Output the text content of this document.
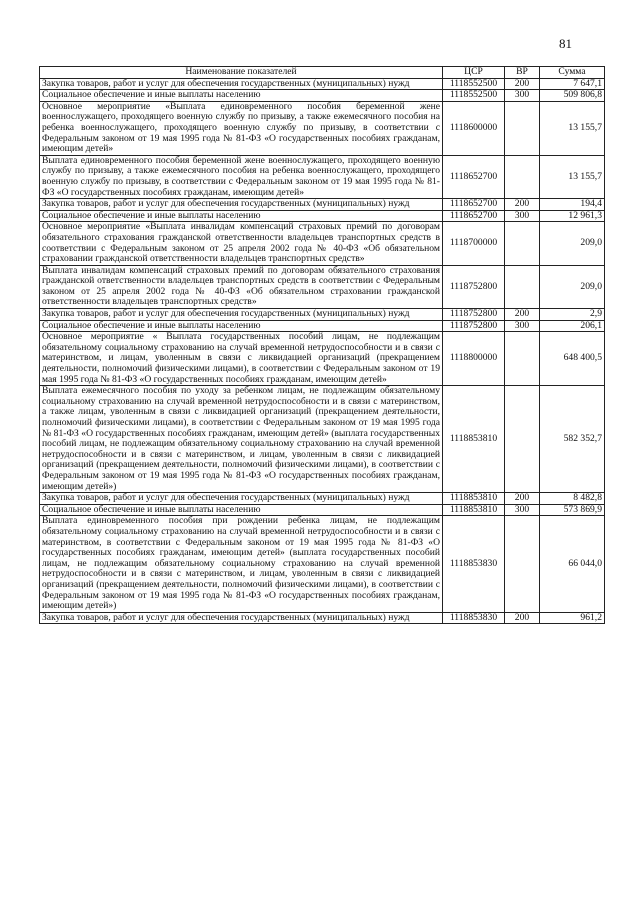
81
Наименование показателей	ЦСР	ВР	Сумма
Закупка товаров, работ и услуг для обеспечения государственных (муниципальных) нужд	1118552500	200	7 647,1
Социальное обеспечение и иные выплаты населению	1118552500	300	509 806,8
Основное мероприятие «Выплата единовременного пособия беременной жене военнослужащего, проходящего военную службу по призыву, а также ежемесячного пособия на ребенка военнослужащего, проходящего военную службу по призыву, в соответствии с Федеральным законом от 19 мая 1995 года № 81-ФЗ «О государственных пособиях гражданам, имеющим детей»	1118600000		13 155,7
Выплата единовременного пособия беременной жене военнослужащего, проходящего военную службу по призыву, а также ежемесячного пособия на ребенка военнослужащего, проходящего военную службу по призыву, в соответствии с Федеральным законом от 19 мая 1995 года № 81-ФЗ «О государственных пособиях гражданам, имеющим детей»	1118652700		13 155,7
Закупка товаров, работ и услуг для обеспечения государственных (муниципальных) нужд	1118652700	200	194,4
Социальное обеспечение и иные выплаты населению	1118652700	300	12 961,3
Основное мероприятие «Выплата инвалидам компенсаций страховых премий по договорам обязательного страхования гражданской ответственности владельцев транспортных средств в соответствии с Федеральным законом от 25 апреля 2002 года № 40-ФЗ «Об обязательном страховании гражданской ответственности владельцев транспортных средств»	1118700000		209,0
Выплата инвалидам компенсаций страховых премий по договорам обязательного страхования гражданской ответственности владельцев транспортных средств в соответствии с Федеральным законом от 25 апреля 2002 года № 40-ФЗ «Об обязательном страховании гражданской ответственности владельцев транспортных средств»	1118752800		209,0
Закупка товаров, работ и услуг для обеспечения государственных (муниципальных) нужд	1118752800	200	2,9
Социальное обеспечение и иные выплаты населению	1118752800	300	206,1
Основное мероприятие « Выплата государственных пособий лицам, не подлежащим обязательному социальному страхованию на случай временной нетрудоспособности и в связи с материнством, и лицам, уволенным в связи с ликвидацией организаций (прекращением деятельности, полномочий физическими лицами), в соответствии с Федеральным законом от 19 мая 1995 года № 81-ФЗ «О государственных пособиях гражданам, имеющим детей»	1118800000		648 400,5
Выплата ежемесячного пособия по уходу за ребенком лицам, не подлежащим обязательному социальному страхованию на случай временной нетрудоспособности и в связи с материнством, а также лицам, уволенным в связи с ликвидацией организаций (прекращением деятельности, полномочий физическими лицами), в соответствии с Федеральным законом от 19 мая 1995 года № 81-ФЗ «О государственных пособиях гражданам, имеющим детей» (выплата государственных пособий лицам, не подлежащим обязательному социальному страхованию на случай временной нетрудоспособности и в связи с материнством, и лицам, уволенным в связи с ликвидацией организаций (прекращением деятельности, полномочий физическими лицами), в соответствии с Федеральным законом от 19 мая 1995 года № 81-ФЗ «О государственных пособиях гражданам, имеющим детей»)	1118853810		582 352,7
Закупка товаров, работ и услуг для обеспечения государственных (муниципальных) нужд	1118853810	200	8 482,8
Социальное обеспечение и иные выплаты населению	1118853810	300	573 869,9
Выплата единовременного пособия при рождении ребенка лицам, не подлежащим обязательному социальному страхованию на случай временной нетрудоспособности и в связи с материнством, в соответствии с Федеральным законом от 19 мая 1995 года № 81-ФЗ «О государственных пособиях гражданам, имеющим детей» (выплата государственных пособий лицам, не подлежащим обязательному социальному страхованию на случай временной нетрудоспособности и в связи с материнством, и лицам, уволенным в связи с ликвидацией организаций (прекращением деятельности, полномочий физическими лицами), в соответствии с Федеральным законом от 19 мая 1995 года № 81-ФЗ «О государственных пособиях гражданам, имеющим детей»)	1118853830		66 044,0
Закупка товаров, работ и услуг для обеспечения государственных (муниципальных) нужд	1118853830	200	961,2
